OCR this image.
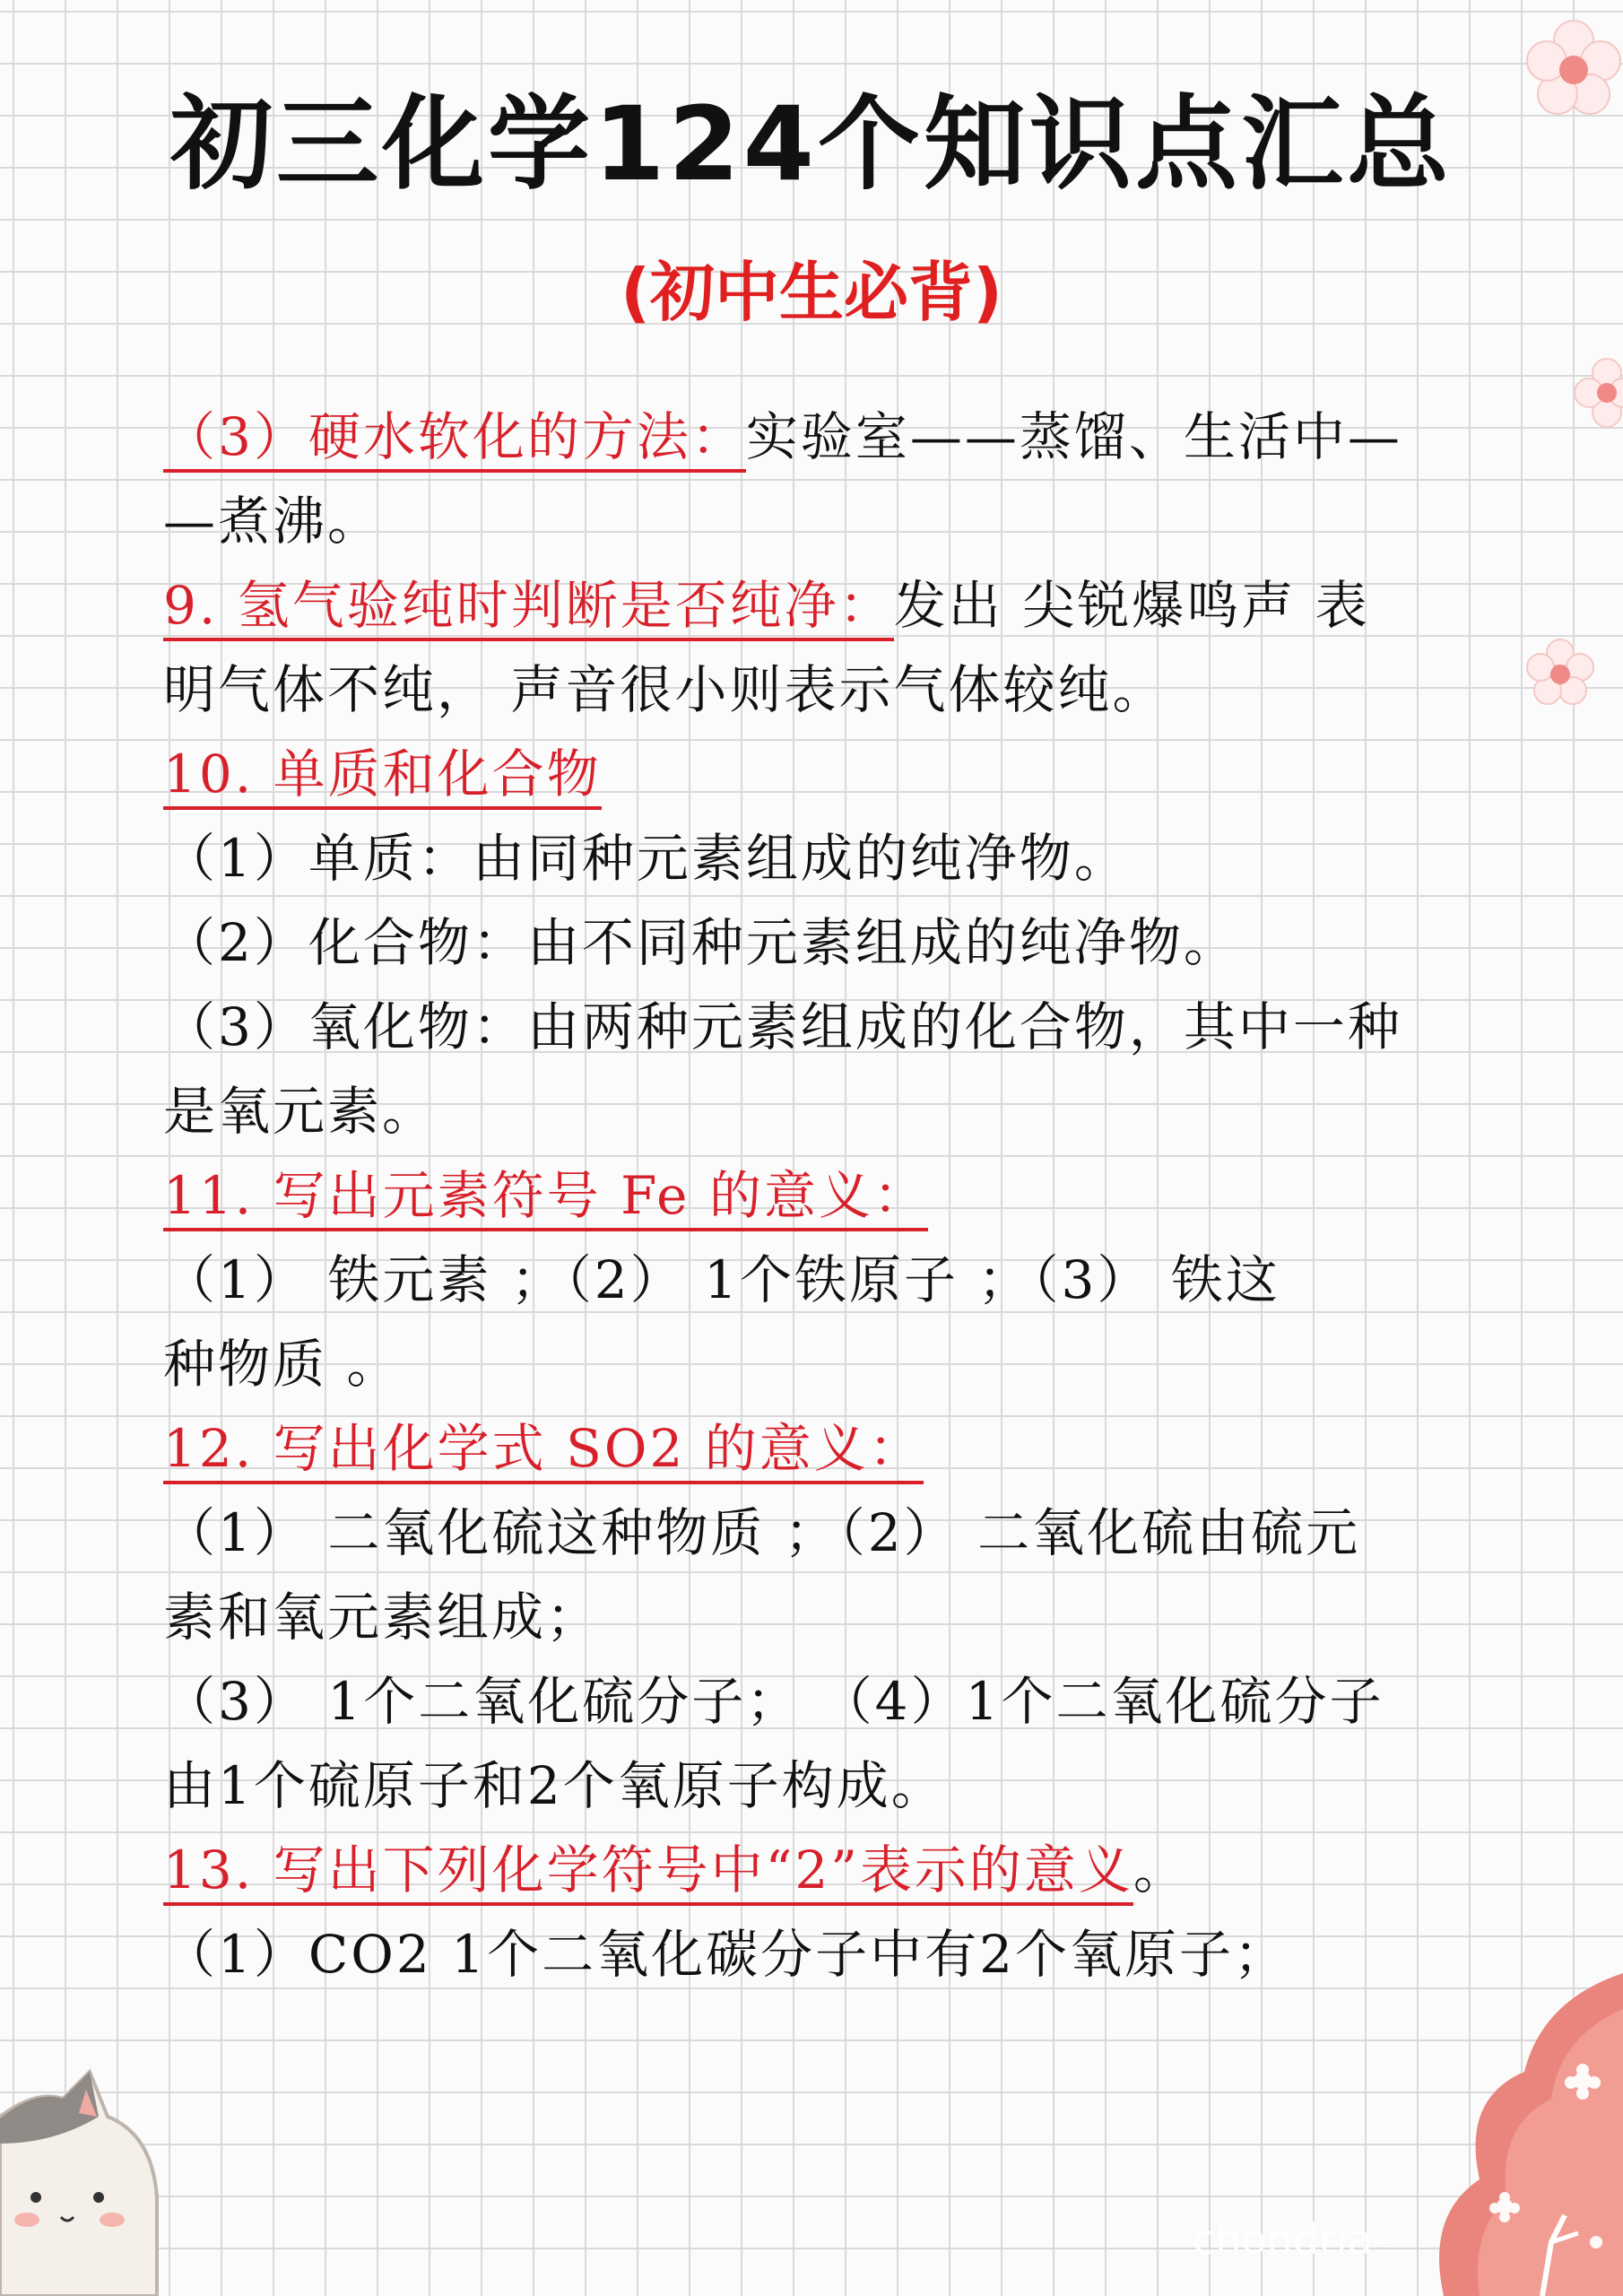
chondria-
初三化学124个知识点汇总
(初中生必背)

（3）硬水软化的方法：实验室——蒸馏、生活中—

—煮沸。

9. 氢气验纯时判断是否纯净：发出 尖锐爆鸣声 表

明气体不纯， 声音很小则表示气体较纯。

10. 单质和化合物

（1）单质：由同种元素组成的纯净物。

（2）化合物：由不同种元素组成的纯净物。

（3）氧化物：由两种元素组成的化合物，其中一种

是氧元素。

11. 写出元素符号 Fe 的意义：

（1） 铁元素 ；（2） 1个铁原子 ；（3） 铁这

种物质 。

12. 写出化学式 SO2 的意义：

（1） 二氧化硫这种物质 ；（2） 二氧化硫由硫元

素和氧元素组成；

（3） 1个二氧化硫分子； （4）1个二氧化硫分子

由1个硫原子和2个氧原子构成。

13. 写出下列化学符号中“2”表示的意义。

（1）CO2 1个二氧化碳分子中有2个氧原子；
